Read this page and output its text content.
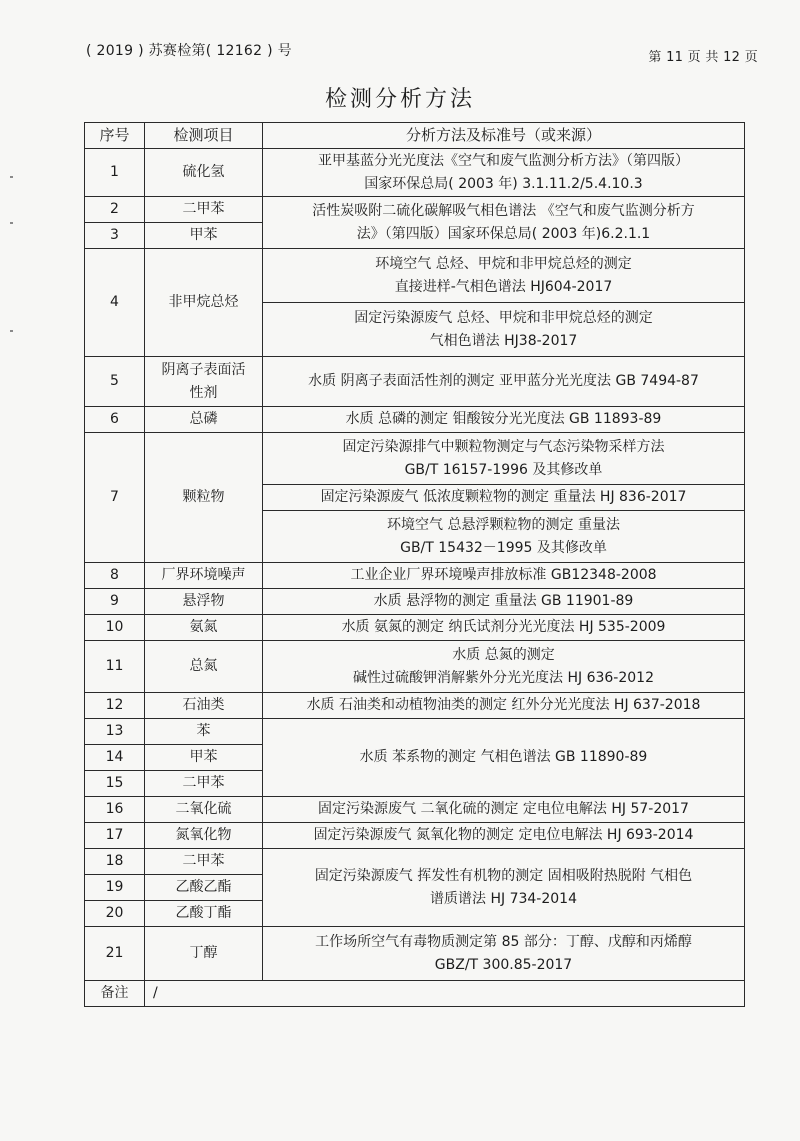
( 2019 ) 苏赛检第( 12162 ) 号	第 11 页 共 12 页
检测分析方法
序号	检测项目	分析方法及标准号（或来源）
1	硫化氢	亚甲基蓝分光光度法《空气和废气监测分析方法》（第四版）
国家环保总局( 2003 年) 3.1.11.2/5.4.10.3

2	二甲苯	活性炭吸附二硫化碳解吸气相色谱法 《空气和废气监测分析方
法》（第四版）国家环保总局( 2003 年)6.2.1.1

3	甲苯	
4	非甲烷总烃	环境空气 总烃、甲烷和非甲烷总烃的测定
直接进样-气相色谱法 HJ604-2017

		固定污染源废气 总烃、甲烷和非甲烷总烃的测定
气相色谱法 HJ38-2017

5	阴离子表面活
性剂	水质 阴离子表面活性剂的测定 亚甲蓝分光光度法 GB 7494-87
6	总磷	水质 总磷的测定 钼酸铵分光光度法 GB 11893-89
7	颗粒物	固定污染源排气中颗粒物测定与气态污染物采样方法
GB/T 16157-1996 及其修改单

		固定污染源废气 低浓度颗粒物的测定 重量法 HJ 836-2017

		环境空气 总悬浮颗粒物的测定 重量法
GB/T 15432－1995 及其修改单

8	厂界环境噪声	工业企业厂界环境噪声排放标准 GB12348-2008
9	悬浮物	水质 悬浮物的测定 重量法 GB 11901-89
10	氨氮	水质 氨氮的测定 纳氏试剂分光光度法 HJ 535-2009
11	总氮	水质 总氮的测定
碱性过硫酸钾消解紫外分光光度法 HJ 636-2012

12	石油类	水质 石油类和动植物油类的测定 红外分光光度法 HJ 637-2018
13	苯	水质 苯系物的测定 气相色谱法 GB 11890-89
14	甲苯	
15	二甲苯	
16	二氧化硫	固定污染源废气 二氧化硫的测定 定电位电解法 HJ 57-2017
17	氮氧化物	固定污染源废气 氮氧化物的测定 定电位电解法 HJ 693-2014
18	二甲苯	固定污染源废气 挥发性有机物的测定 固相吸附热脱附 气相色
谱质谱法 HJ 734-2014

19	乙酸乙酯	
20	乙酸丁酯	
21	丁醇	工作场所空气有毒物质测定第 85 部分：丁醇、戊醇和丙烯醇
GBZ/T 300.85-2017

备注	/	
